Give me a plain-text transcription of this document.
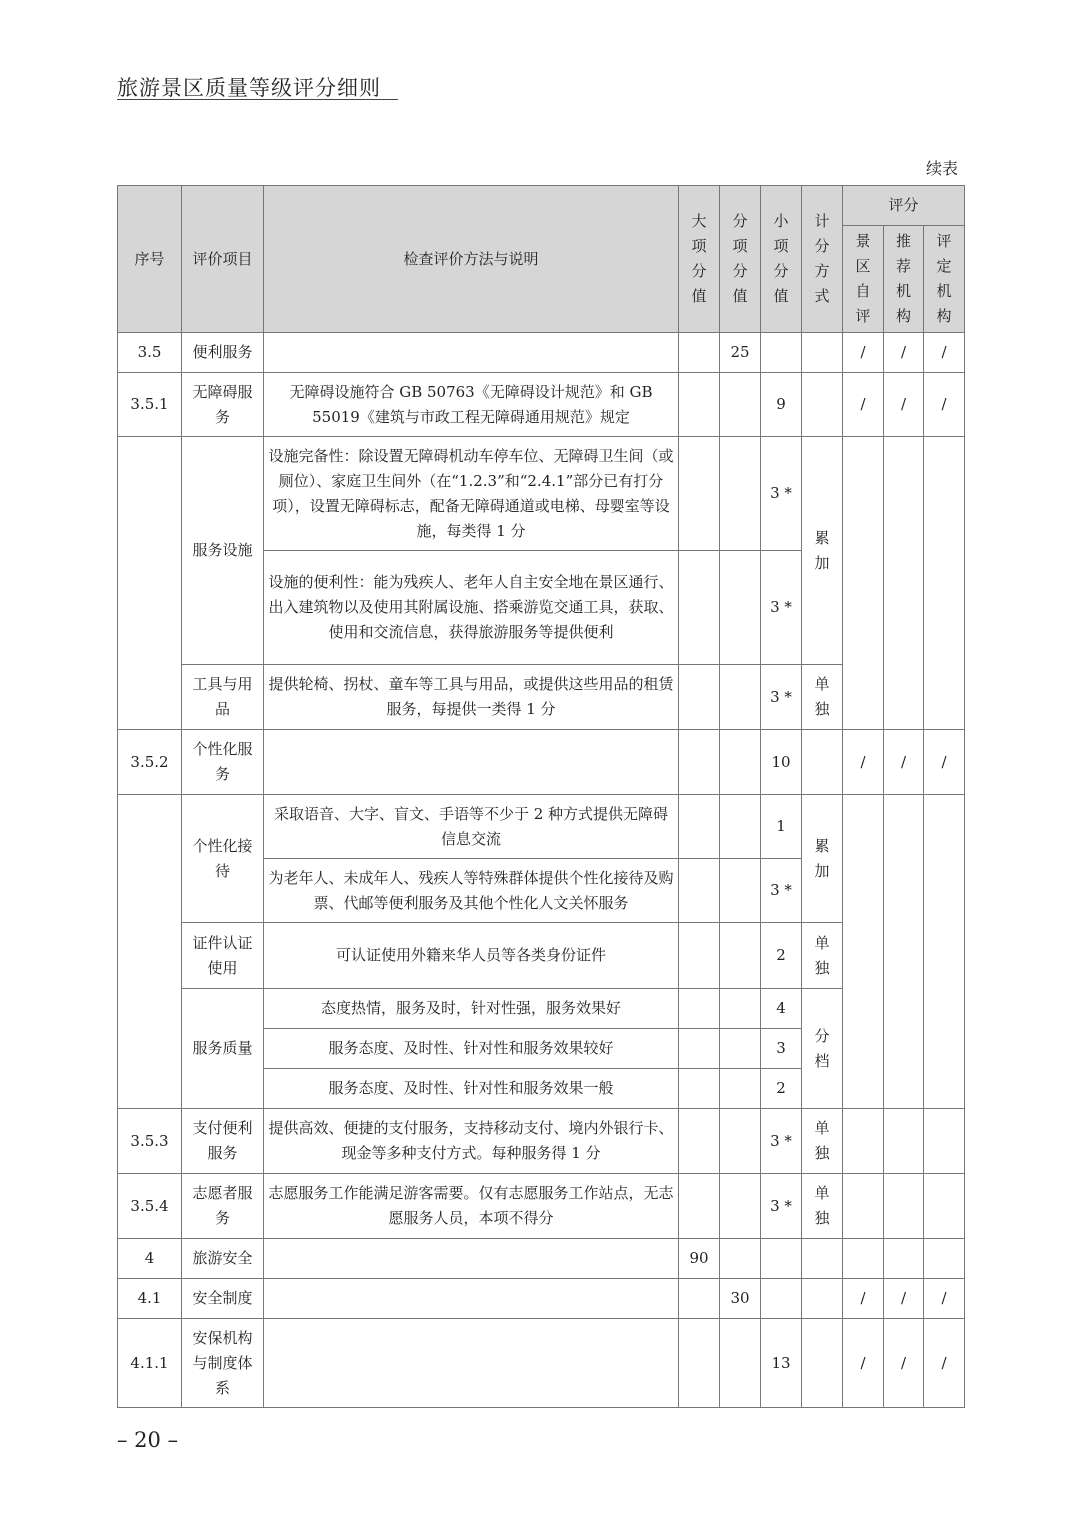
旅游景区质量等级评分细则
续表
序号	评价项目	检查评价方法与说明	大项分值	分项分值	小项分值	计分方式	评分		
							景区自评	推荐机构	评定机构
3.5	便利服务			25			/	/	/
3.5.1	无障碍服务	无障碍设施符合 GB 50763《无障碍设计规范》和 GB 55019《建筑与市政工程无障碍通用规范》规定			9		/	/	/
	服务设施	设施完备性：除设置无障碍机动车停车位、无障碍卫生间（或厕位）、家庭卫生间外（在“1.2.3”和“2.4.1”部分已有打分项），设置无障碍标志，配备无障碍通道或电梯、母婴室等设施，每类得 1 分			3 *	累加			
		设施的便利性：能为残疾人、老年人自主安全地在景区通行、出入建筑物以及使用其附属设施、搭乘游览交通工具，获取、使用和交流信息，获得旅游服务等提供便利			3 *				
	工具与用品	提供轮椅、拐杖、童车等工具与用品，或提供这些用品的租赁服务，每提供一类得 1 分			3 *	单独			
3.5.2	个性化服务				10		/	/	/
	个性化接待	采取语音、大字、盲文、手语等不少于 2 种方式提供无障碍信息交流			1	累加			
		为老年人、未成年人、残疾人等特殊群体提供个性化接待及购票、代邮等便利服务及其他个性化人文关怀服务			3 *				
	证件认证使用	可认证使用外籍来华人员等各类身份证件			2	单独			
	服务质量	态度热情，服务及时，针对性强，服务效果好			4	分档			
		服务态度、及时性、针对性和服务效果较好			3				
		服务态度、及时性、针对性和服务效果一般			2				
3.5.3	支付便利服务	提供高效、便捷的支付服务，支持移动支付、境内外银行卡、现金等多种支付方式。每种服务得 1 分			3 *	单独			
3.5.4	志愿者服务	志愿服务工作能满足游客需要。仅有志愿服务工作站点，无志愿服务人员，本项不得分			3 *	单独			
4	旅游安全		90						
4.1	安全制度			30			/	/	/
4.1.1	安保机构与制度体系				13		/	/	/
– 20 –
